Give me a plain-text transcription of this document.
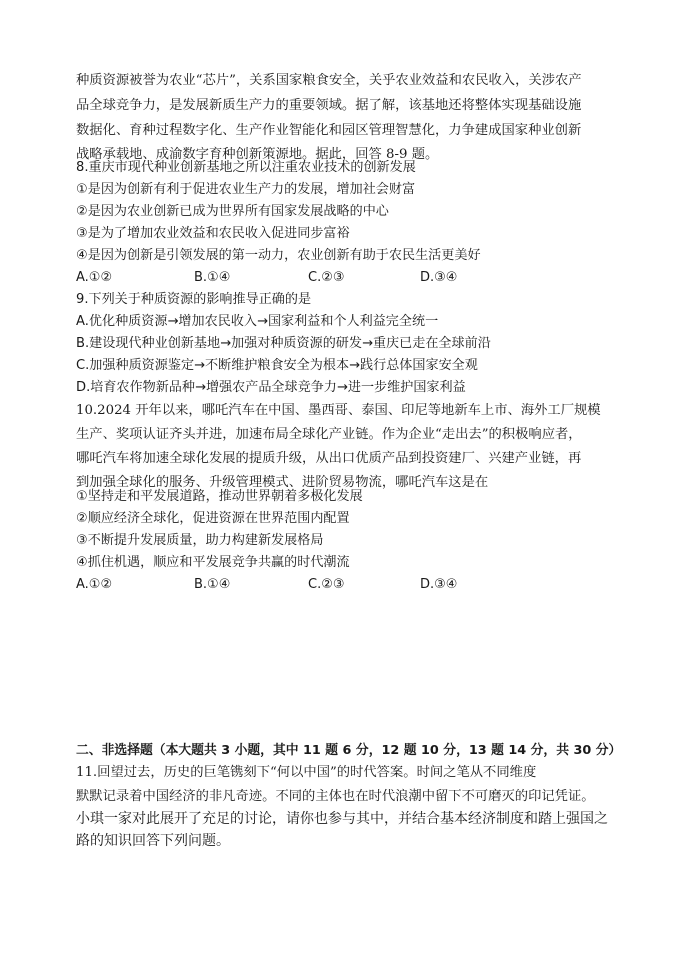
种质资源被誉为农业“芯片”，关系国家粮食安全，关乎农业效益和农民收入，关涉农产
品全球竞争力，是发展新质生产力的重要领域。据了解，该基地还将整体实现基础设施
数据化、育种过程数字化、生产作业智能化和园区管理智慧化，力争建成国家种业创新
战略承载地、成渝数字育种创新策源地。据此，回答 8-9 题。
8.重庆市现代种业创新基地之所以注重农业技术的创新发展
①是因为创新有利于促进农业生产力的发展，增加社会财富
②是因为农业创新已成为世界所有国家发展战略的中心
③是为了增加农业效益和农民收入促进同步富裕
④是因为创新是引领发展的第一动力，农业创新有助于农民生活更美好
A.①②	B.①④	C.②③	D.③④
9.下列关于种质资源的影响推导正确的是
A.优化种质资源→增加农民收入→国家利益和个人利益完全统一
B.建设现代种业创新基地→加强对种质资源的研发→重庆已走在全球前沿
C.加强种质资源鉴定→不断维护粮食安全为根本→践行总体国家安全观
D.培育农作物新品种→增强农产品全球竞争力→进一步维护国家利益
10.2024 开年以来，哪吒汽车在中国、墨西哥、泰国、印尼等地新车上市、海外工厂规模
生产、奖项认证齐头并进，加速布局全球化产业链。作为企业“走出去”的积极响应者，
哪吒汽车将加速全球化发展的提质升级，从出口优质产品到投资建厂、兴建产业链，再
到加强全球化的服务、升级管理模式、进阶贸易物流，哪吒汽车这是在
①坚持走和平发展道路，推动世界朝着多极化发展
②顺应经济全球化，促进资源在世界范围内配置
③不断提升发展质量，助力构建新发展格局
④抓住机遇，顺应和平发展竞争共赢的时代潮流
A.①②	B.①④	C.②③	D.③④
二、非选择题（本大题共 3 小题，其中 11 题 6 分，12 题 10 分，13 题 14 分，共 30 分）
11.回望过去，历史的巨笔镌刻下“何以中国”的时代答案。时间之笔从不同维度
默默记录着中国经济的非凡奇迹。不同的主体也在时代浪潮中留下不可磨灭的印记凭证。
小琪一家对此展开了充足的讨论，请你也参与其中，并结合基本经济制度和踏上强国之
路的知识回答下列问题。
